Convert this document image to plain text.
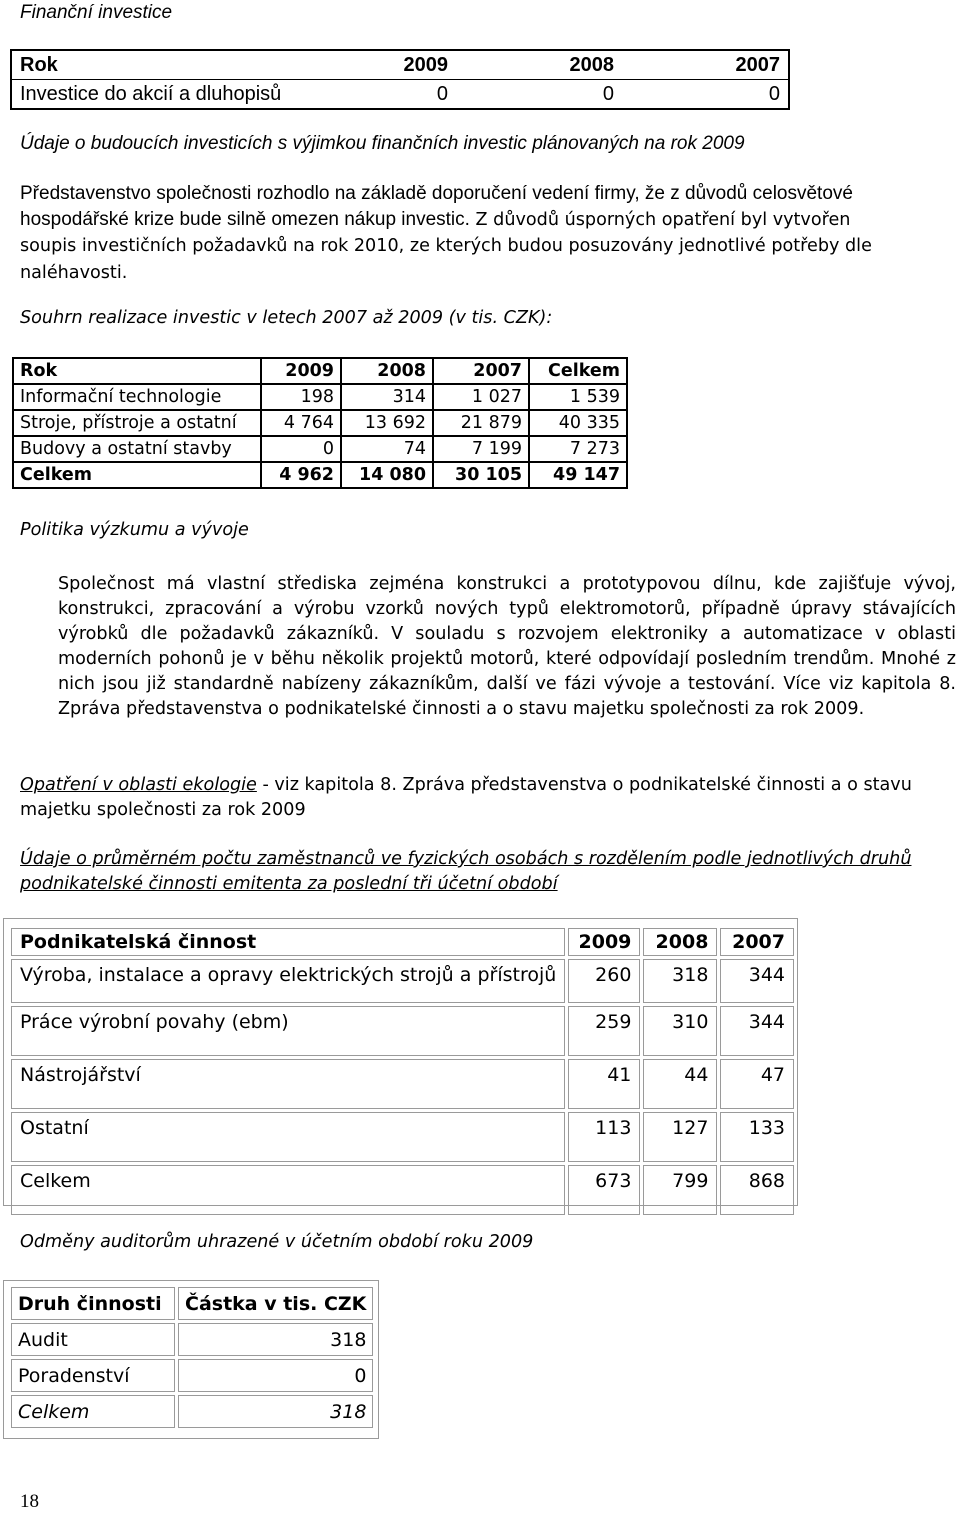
Finanční investice
Rok	2009	2008	2007
Investice do akcií a dluhopisů	0	0	0
Údaje o budoucích investicích s výjimkou finančních investic plánovaných na rok 2009
Představenstvo společnosti rozhodlo na základě doporučení vedení firmy, že z důvodů celosvětové
hospodářské krize bude silně omezen nákup investic. Z důvodů úsporných opatření byl vytvořen
soupis investičních požadavků na rok 2010, ze kterých budou posuzovány jednotlivé potřeby dle
naléhavosti.
Souhrn realizace investic v letech 2007 až 2009 (v tis. CZK):
Rok	2009	2008	2007	Celkem
Informační technologie	198	314	1 027	1 539
Stroje, přístroje a ostatní	4 764	13 692	21 879	40 335
Budovy a ostatní stavby	0	74	7 199	7 273
Celkem	4 962	14 080	30 105	49 147
Politika výzkumu a vývoje
Společnost má vlastní střediska zejména konstrukci a prototypovou dílnu, kde zajišťuje vývoj, konstrukci, zpracování a výrobu vzorků nových typů elektromotorů, případně úpravy stávajících výrobků dle požadavků zákazníků. V souladu s rozvojem elektroniky a automatizace v oblasti moderních pohonů je v běhu několik projektů motorů, které odpovídají posledním trendům. Mnohé z nich jsou již standardně nabízeny zákazníkům, další ve fázi vývoje a testování. Více viz kapitola 8. Zpráva představenstva o podnikatelské činnosti a o stavu majetku společnosti za rok 2009.
Opatření v oblasti ekologie - viz kapitola 8. Zpráva představenstva o podnikatelské činnosti a o stavu
majetku společnosti za rok 2009
Údaje o průměrném počtu zaměstnanců ve fyzických osobách s rozdělením podle jednotlivých druhů
podnikatelské činnosti emitenta za poslední tři účetní období
Podnikatelská činnost	2009	2008	2007
Výroba, instalace a opravy elektrických strojů a přístrojů	260	318	344
Práce výrobní povahy (ebm)	259	310	344
Nástrojářství	41	44	47
Ostatní	113	127	133
Celkem	673	799	868
Odměny auditorům uhrazené v účetním období roku 2009
Druh činnosti	Částka v tis. CZK
Audit	318
Poradenství	0
Celkem	318
18
